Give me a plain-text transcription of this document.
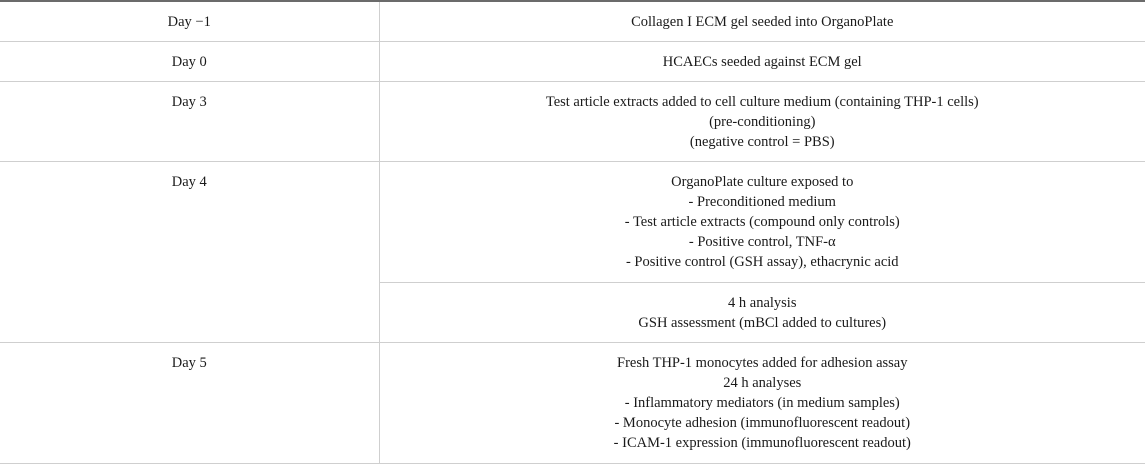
Day −1	Collagen I ECM gel seeded into OrganoPlate

Day 0	HCAECs seeded against ECM gel

Day 3	Test article extracts added to cell culture medium (containing THP-1 cells)
(pre-conditioning)
(negative control = PBS)

Day 4	OrganoPlate culture exposed to
- Preconditioned medium
- Test article extracts (compound only controls)
- Positive control, TNF-α
- Positive control (GSH assay), ethacrynic acid

	4 h analysis
GSH assessment (mBCl added to cultures)

Day 5	Fresh THP-1 monocytes added for adhesion assay
24 h analyses
- Inflammatory mediators (in medium samples)
- Monocyte adhesion (immunofluorescent readout)
- ICAM-1 expression (immunofluorescent readout)
